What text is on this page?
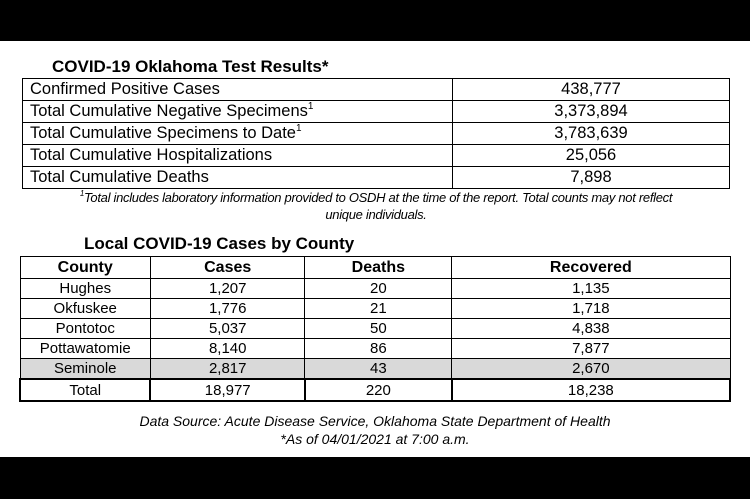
COVID-19 Oklahoma Test Results*
Confirmed Positive Cases	438,777
Total Cumulative Negative Specimens$^1$	3,373,894
Total Cumulative Specimens to Date$^1$	3,783,639
Total Cumulative Hospitalizations	25,056
Total Cumulative Deaths	7,898
$^1$Total includes laboratory information provided to OSDH at the time of the report. Total counts may not reflect
unique individuals.
Local COVID-19 Cases by County
County	Cases	Deaths	Recovered
Hughes	1,207	20	1,135
Okfuskee	1,776	21	1,718
Pontotoc	5,037	50	4,838
Pottawatomie	8,140	86	7,877
Seminole	2,817	43	2,670
Total	18,977	220	18,238
Data Source: Acute Disease Service, Oklahoma State Department of Health
*As of 04/01/2021 at 7:00 a.m.
